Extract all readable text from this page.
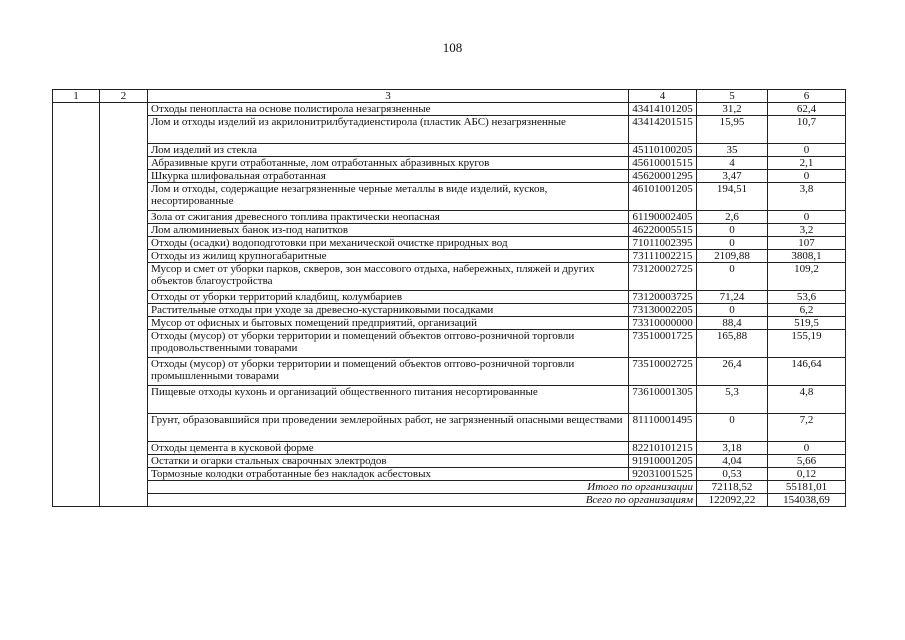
108
1	2	3	4	5	6
		Отходы пенопласта на основе полистирола незагрязненные	43414101205	31,2	62,4
		Лом и отходы изделий из акрилонитрилбутадиенстирола (пластик АБС) незагрязненные	43414201515	15,95	10,7
		Лом изделий из стекла	45110100205	35	0
		Абразивные круги отработанные, лом отработанных абразивных кругов	45610001515	4	2,1
		Шкурка шлифовальная отработанная	45620001295	3,47	0
		Лом и отходы, содержащие незагрязненные черные металлы в виде изделий, кусков, несортированные	46101001205	194,51	3,8
		Зола от сжигания древесного топлива практически неопасная	61190002405	2,6	0
		Лом алюминиевых банок из-под напитков	46220005515	0	3,2
		Отходы (осадки) водоподготовки при механической очистке природных вод	71011002395	0	107
		Отходы из жилищ крупногабаритные	73111002215	2109,88	3808,1
		Мусор и смет от уборки парков, скверов, зон массового отдыха, набережных, пляжей и других объектов благоустройства	73120002725	0	109,2
		Отходы от уборки территорий кладбищ, колумбариев	73120003725	71,24	53,6
		Растительные отходы при уходе за древесно-кустарниковыми посадками	73130002205	0	6,2
		Мусор от офисных и бытовых помещений предприятий, организаций	73310000000	88,4	519,5
		Отходы (мусор) от уборки территории и помещений объектов оптово-розничной торговли продовольственными товарами	73510001725	165,88	155,19
		Отходы (мусор) от уборки территории и помещений объектов оптово-розничной торговли промышленными товарами	73510002725	26,4	146,64
		Пищевые отходы кухонь и организаций общественного питания несортированные	73610001305	5,3	4,8
		Грунт, образовавшийся при проведении землеройных работ, не загрязненный опасными веществами	81110001495	0	7,2
		Отходы цемента в кусковой форме	82210101215	3,18	0
		Остатки и огарки стальных сварочных электродов	91910001205	4,04	5,66
		Тормозные колодки отработанные без накладок асбестовых	92031001525	0,53	0,12
		Итого по организации		72118,52	55181,01
		Всего по организациям		122092,22	154038,69
